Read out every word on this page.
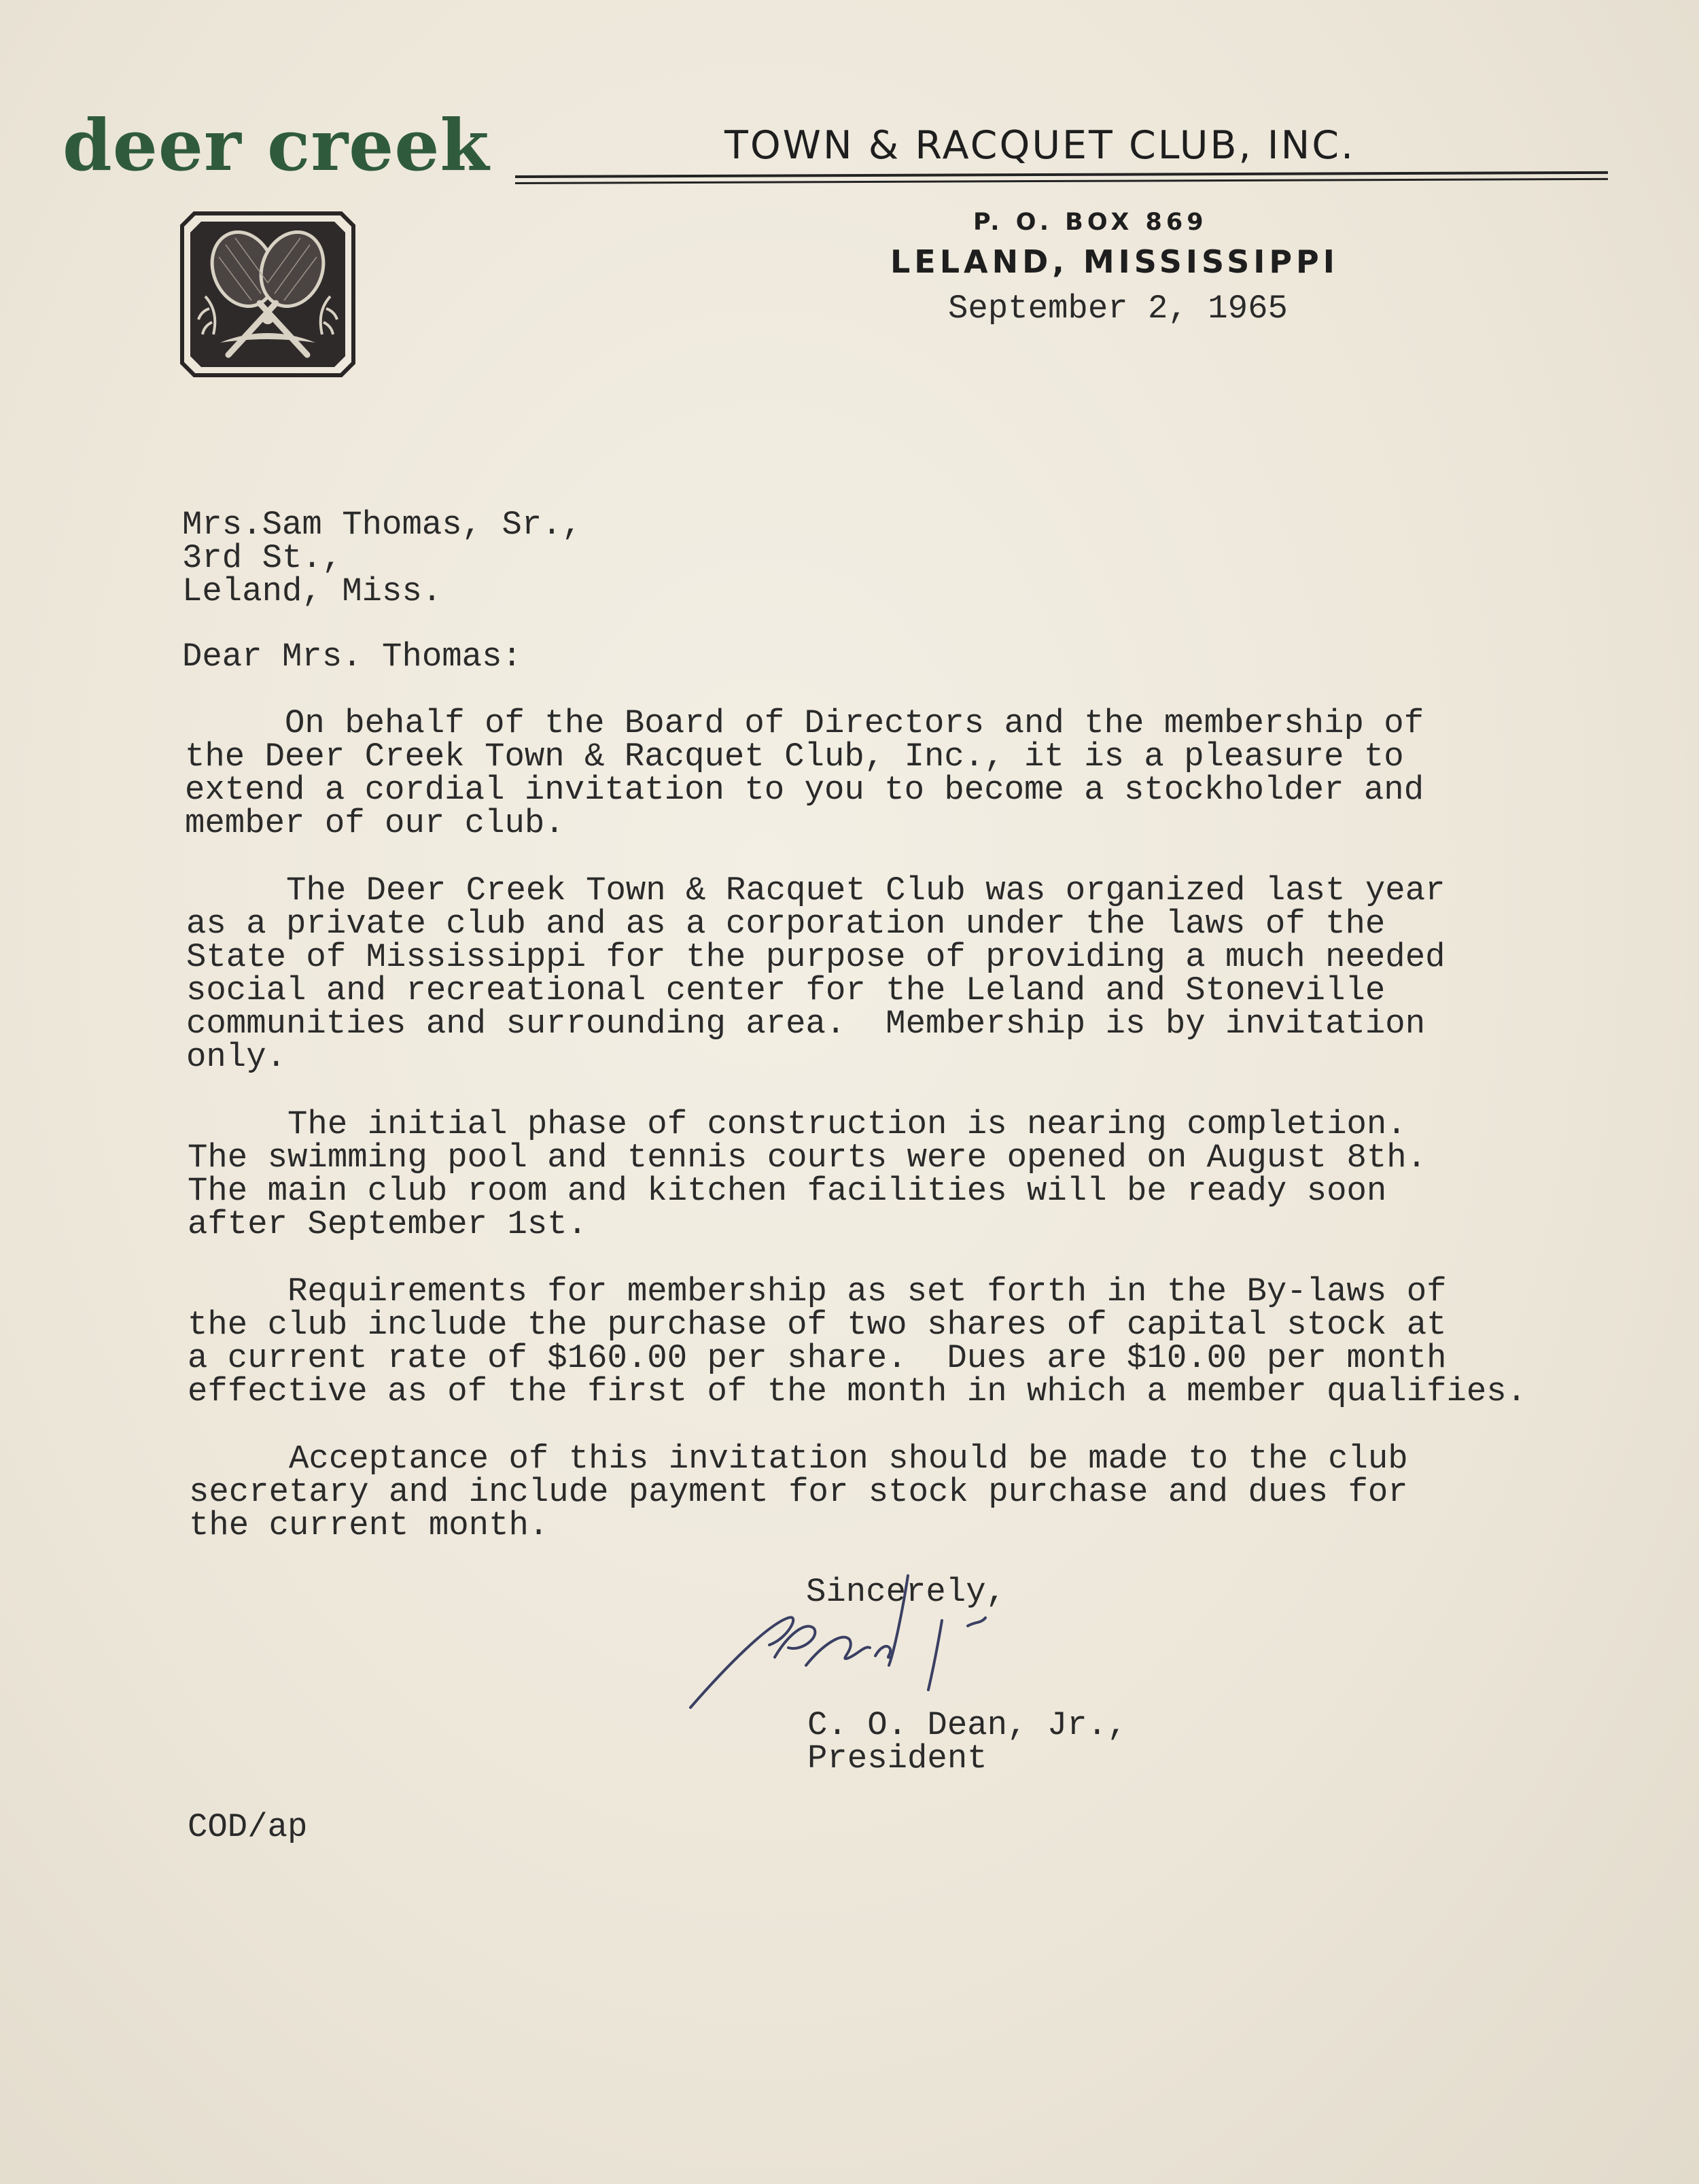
deer creek	TOWN & RACQUET CLUB, INC.
P. O. BOX 869
LELAND, MISSISSIPPI
September 2, 1965
Mrs.Sam Thomas, Sr.,
3rd St.,
Leland, Miss.
Dear Mrs. Thomas:
On behalf of the Board of Directors and the membership of
the Deer Creek Town & Racquet Club, Inc., it is a pleasure to
extend a cordial invitation to you to become a stockholder and
member of our club.
The Deer Creek Town & Racquet Club was organized last year
as a private club and as a corporation under the laws of the
State of Mississippi for the purpose of providing a much needed
social and recreational center for the Leland and Stoneville
communities and surrounding area.  Membership is by invitation
only.
The initial phase of construction is nearing completion.
The swimming pool and tennis courts were opened on August 8th.
The main club room and kitchen facilities will be ready soon
after September 1st.
Requirements for membership as set forth in the By-laws of
the club include the purchase of two shares of capital stock at
a current rate of $160.00 per share.  Dues are $10.00 per month
effective as of the first of the month in which a member qualifies.
Acceptance of this invitation should be made to the club
secretary and include payment for stock purchase and dues for
the current month.
Sincerely,
C. O. Dean, Jr.,
President
COD/ap
